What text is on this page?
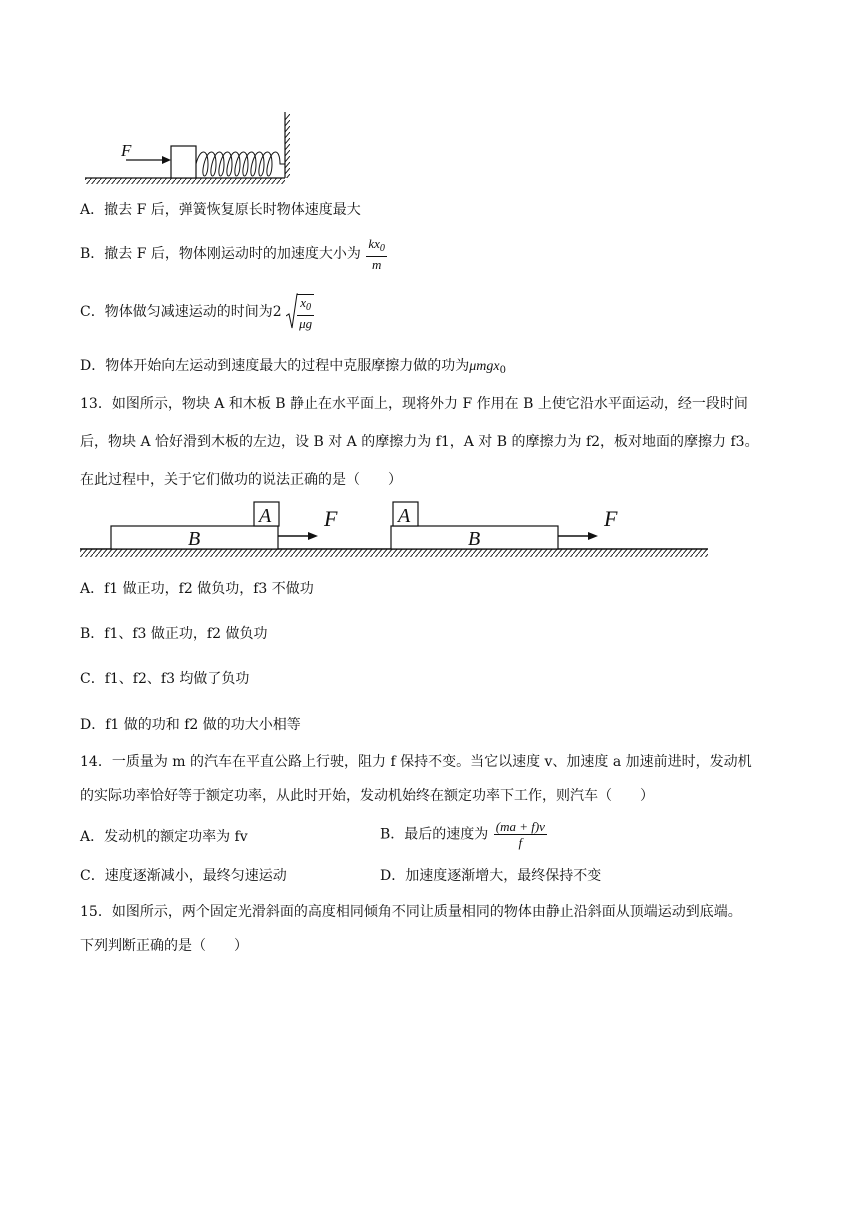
F
A．撤去 F 后，弹簧恢复原长时物体速度最大
B．撤去 F 后，物体刚运动时的加速度大小为 $\frac{kx_0}{m}$
C．物体做匀减速运动的时间为$2 \frac{x_0}{\mu g}$
D．物体开始向左运动到速度最大的过程中克服摩擦力做的功为μmgx$_0$
13．如图所示，物块 A 和木板 B 静止在水平面上，现将外力 F 作用在 B 上使它沿水平面运动，经一段时间
后，物块 A 恰好滑到木板的左边，设 B 对 A 的摩擦力为 f1，A 对 B 的摩擦力为 f2，板对地面的摩擦力 f3。
在此过程中，关于它们做功的说法正确的是（　　）
B
A F
B
A	F
A．f1 做正功，f2 做负功，f3 不做功
B．f1、f3 做正功，f2 做负功
C．f1、f2、f3 均做了负功
D．f1 做的功和 f2 做的功大小相等
14．一质量为 m 的汽车在平直公路上行驶，阻力 f 保持不变。当它以速度 v、加速度 a 加速前进时，发动机
的实际功率恰好等于额定功率，从此时开始，发动机始终在额定功率下工作，则汽车（　　）
A．发动机的额定功率为 fv	B．最后的速度为 $\frac{(ma + f)v}{f}$
C．速度逐渐减小，最终匀速运动	D．加速度逐渐增大，最终保持不变
15．如图所示，两个固定光滑斜面的高度相同倾角不同让质量相同的物体由静止沿斜面从顶端运动到底端。
下列判断正确的是（　　）
